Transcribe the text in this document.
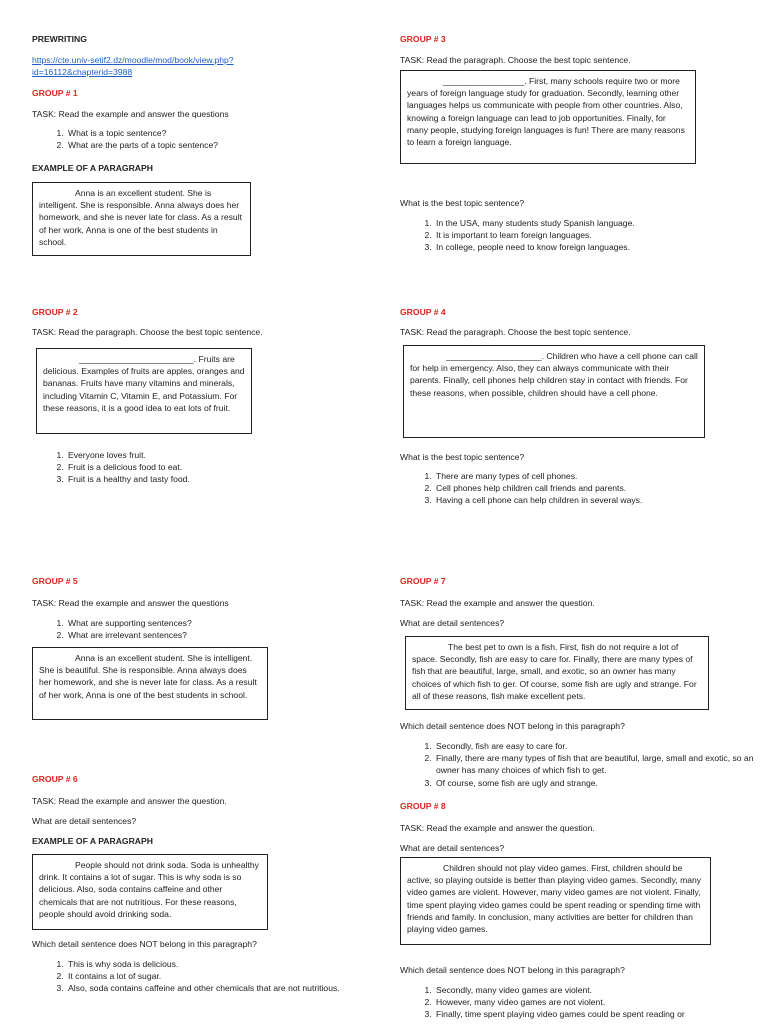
PREWRITING
https://cte.univ-setif2.dz/moodle/mod/book/view.php?id=16112&chapterid=3988
GROUP # 1
TASK: Read the example and answer the questions
1. What is a topic sentence?
2. What are the parts of a topic sentence?
EXAMPLE OF A PARAGRAPH

Anna is an excellent student. She is intelligent. She is responsible. Anna always does her homework, and she is never late for class. As a result of her work, Anna is one of the best students in school.

GROUP # 2
TASK: Read the paragraph. Choose the best topic sentence.

________________________. Fruits are delicious. Examples of fruits are apples, oranges and bananas. Fruits have many vitamins and minerals, including Vitamin C, Vitamin E, and Potassium. For these reasons, it is a good idea to eat lots of fruit.

1. Everyone loves fruit.
2. Fruit is a delicious food to eat.
3. Fruit is a healthy and tasty food.
GROUP # 5
TASK: Read the example and answer the questions
1. What are supporting sentences?
2. What are irrelevant sentences?

Anna is an excellent student. She is intelligent. She is beautiful. She is responsible. Anna always does her homework, and she is never late for class. As a result of her work, Anna is one of the best students in school.

GROUP # 6
TASK: Read the example and answer the question.
What are detail sentences?
EXAMPLE OF A PARAGRAPH

People should not drink soda. Soda is unhealthy drink. It contains a lot of sugar. This is why soda is so delicious. Also, soda contains caffeine and other chemicals that are not nutritious. For these reasons, people should avoid drinking soda.

Which detail sentence does NOT belong in this paragraph?
1. This is why soda is delicious.
2. It contains a lot of sugar.
3. Also, soda contains caffeine and other chemicals that are not nutritious.
GROUP # 3
TASK: Read the paragraph. Choose the best topic sentence.

_________________. First, many schools require two or more years of foreign language study for graduation. Secondly, learning other languages helps us communicate with people from other countries. Also, knowing a foreign language can lead to job opportunities. Finally, for many people, studying foreign languages is fun! There are many reasons to learn a foreign language.

What is the best topic sentence?
1. In the USA, many students study Spanish language.
2. It is important to learn foreign languages.
3. In college, people need to know foreign languages.
GROUP # 4
TASK: Read the paragraph. Choose the best topic sentence.

____________________. Children who have a cell phone can call for help in emergency. Also, they can always communicate with their parents. Finally, cell phones help children stay in contact with friends. For these reasons, when possible, children should have a cell phone.

What is the best topic sentence?
1. There are many types of cell phones.
2. Cell phones help children call friends and parents.
3. Having a cell phone can help children in several ways.
GROUP # 7
TASK: Read the example and answer the question.
What are detail sentences?

The best pet to own is a fish. First, fish do not require a lot of space. Secondly, fish are easy to care for. Finally, there are many types of fish that are beautiful, large, small, and exotic, so an owner has many choices of which fish to ger. Of course, some fish are ugly and strange. For all of these reasons, fish make excellent pets.

Which detail sentence does NOT belong in this paragraph?
1. Secondly, fish are easy to care for.
2. Finally, there are many types of fish that are beautiful, large, small and exotic, so an owner has many choices of which fish to get.
3. Of course, some fish are ugly and strange.
GROUP # 8
TASK: Read the example and answer the question.
What are detail sentences?

Children should not play video games. First, children should be active, so playing outside is better than playing video games. Secondly, many video games are violent. However, many video games are not violent. Finally, time spent playing video games could be spent reading or spending time with friends and family. In conclusion, many activities are better for children than playing video games.

Which detail sentence does NOT belong in this paragraph?
1. Secondly, many video games are violent.
2. However, many video games are not violent.
3. Finally, time spent playing video games could be spent reading or
